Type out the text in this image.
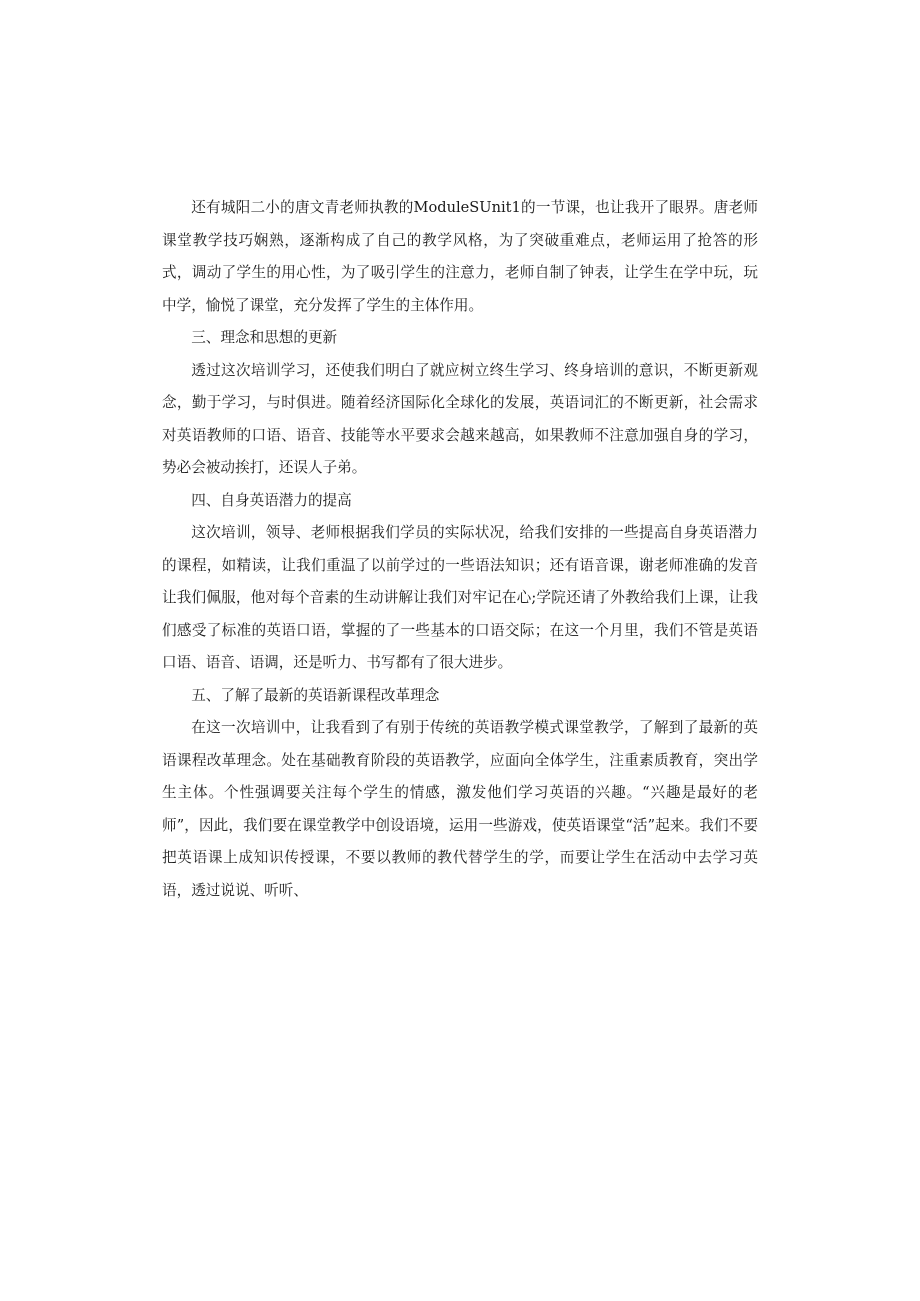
还有城阳二小的唐文青老师执教的ModuleSUnit1的一节课，也让我开了眼界。唐老师课堂教学技巧娴熟，逐渐构成了自己的教学风格，为了突破重难点，老师运用了抢答的形式，调动了学生的用心性，为了吸引学生的注意力，老师自制了钟表，让学生在学中玩，玩中学，愉悦了课堂，充分发挥了学生的主体作用。

三、理念和思想的更新

透过这次培训学习，还使我们明白了就应树立终生学习、终身培训的意识，不断更新观念，勤于学习，与时俱进。随着经济国际化全球化的发展，英语词汇的不断更新，社会需求对英语教师的口语、语音、技能等水平要求会越来越高，如果教师不注意加强自身的学习，势必会被动挨打，还误人子弟。

四、自身英语潜力的提高

这次培训，领导、老师根据我们学员的实际状况，给我们安排的一些提高自身英语潜力的课程，如精读，让我们重温了以前学过的一些语法知识；还有语音课，谢老师准确的发音让我们佩服，他对每个音素的生动讲解让我们对牢记在心;学院还请了外教给我们上课，让我们感受了标准的英语口语，掌握的了一些基本的口语交际；在这一个月里，我们不管是英语口语、语音、语调，还是听力、书写都有了很大进步。

五、了解了最新的英语新课程改革理念

在这一次培训中，让我看到了有别于传统的英语教学模式课堂教学，了解到了最新的英语课程改革理念。处在基础教育阶段的英语教学，应面向全体学生，注重素质教育，突出学生主体。个性强调要关注每个学生的情感，激发他们学习英语的兴趣。“兴趣是最好的老师”，因此，我们要在课堂教学中创设语境，运用一些游戏，使英语课堂“活”起来。我们不要把英语课上成知识传授课，不要以教师的教代替学生的学，而要让学生在活动中去学习英语，透过说说、听听、
